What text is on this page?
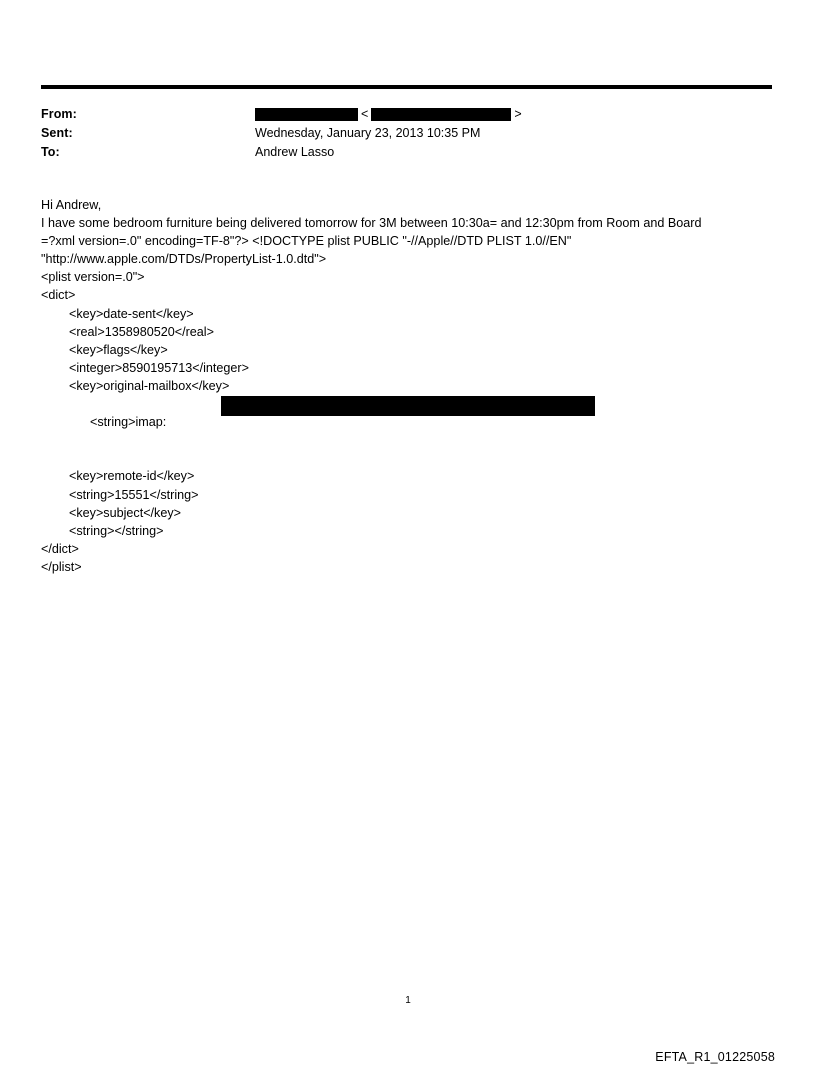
From:	<	>
Sent:	Wednesday, January 23, 2013 10:35 PM
To:	Andrew Lasso
Hi Andrew,
I have some bedroom furniture being delivered tomorrow for 3M between 10:30a= and 12:30pm from Room and Board
=?xml version=.0" encoding=TF-8"?> <!DOCTYPE plist PUBLIC "-//Apple//DTD PLIST 1.0//EN"
"http://www.apple.com/DTDs/PropertyList-1.0.dtd">
<plist version=.0">
<dict>
<key>date-sent</key>
<real>1358980520</real>
<key>flags</key>
<integer>8590195713</integer>
<key>original-mailbox</key>

<string>imap:

<key>remote-id</key>
<string>15551</string>
<key>subject</key>
<string></string>
</dict>
</plist>
1
EFTA_R1_01225058
